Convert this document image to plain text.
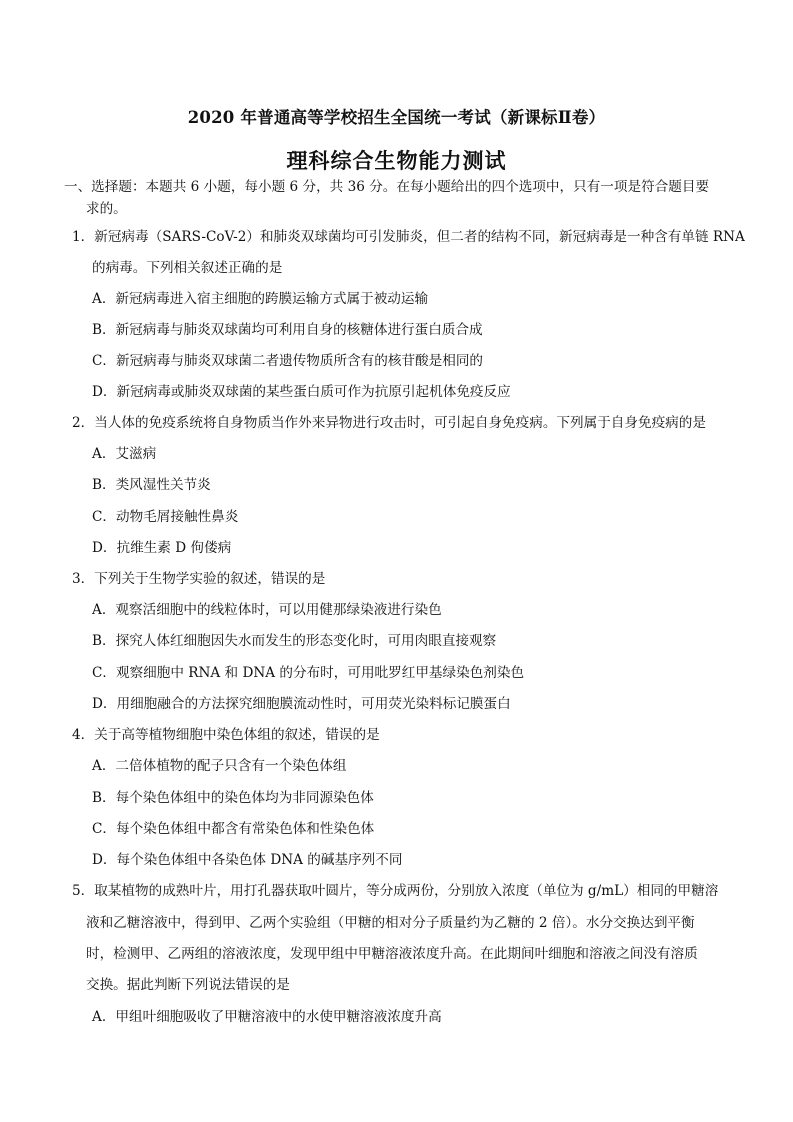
2020 年普通高等学校招生全国统一考试（新课标Ⅱ卷）
理科综合生物能力测试
一、选择题：本题共 6 小题，每小题 6 分，共 36 分。在每小题给出的四个选项中，只有一项是符合题目要
求的。
1．新冠病毒（SARS-CoV-2）和肺炎双球菌均可引发肺炎，但二者的结构不同，新冠病毒是一种含有单链 RNA
的病毒。下列相关叙述正确的是
A．新冠病毒进入宿主细胞的跨膜运输方式属于被动运输
B．新冠病毒与肺炎双球菌均可利用自身的核糖体进行蛋白质合成
C．新冠病毒与肺炎双球菌二者遗传物质所含有的核苷酸是相同的
D．新冠病毒或肺炎双球菌的某些蛋白质可作为抗原引起机体免疫反应
2．当人体的免疫系统将自身物质当作外来异物进行攻击时，可引起自身免疫病。下列属于自身免疫病的是
A．艾滋病
B．类风湿性关节炎
C．动物毛屑接触性鼻炎
D．抗维生素 D 佝偻病
3．下列关于生物学实验的叙述，错误的是
A．观察活细胞中的线粒体时，可以用健那绿染液进行染色
B．探究人体红细胞因失水而发生的形态变化时，可用肉眼直接观察
C．观察细胞中 RNA 和 DNA 的分布时，可用吡罗红甲基绿染色剂染色
D．用细胞融合的方法探究细胞膜流动性时，可用荧光染料标记膜蛋白
4．关于高等植物细胞中染色体组的叙述，错误的是
A．二倍体植物的配子只含有一个染色体组
B．每个染色体组中的染色体均为非同源染色体
C．每个染色体组中都含有常染色体和性染色体
D．每个染色体组中各染色体 DNA 的碱基序列不同
5．取某植物的成熟叶片，用打孔器获取叶圆片，等分成两份，分别放入浓度（单位为 g/mL）相同的甲糖溶
液和乙糖溶液中，得到甲、乙两个实验组（甲糖的相对分子质量约为乙糖的 2 倍）。水分交换达到平衡
时，检测甲、乙两组的溶液浓度，发现甲组中甲糖溶液浓度升高。在此期间叶细胞和溶液之间没有溶质
交换。据此判断下列说法错误的是
A．甲组叶细胞吸收了甲糖溶液中的水使甲糖溶液浓度升高
